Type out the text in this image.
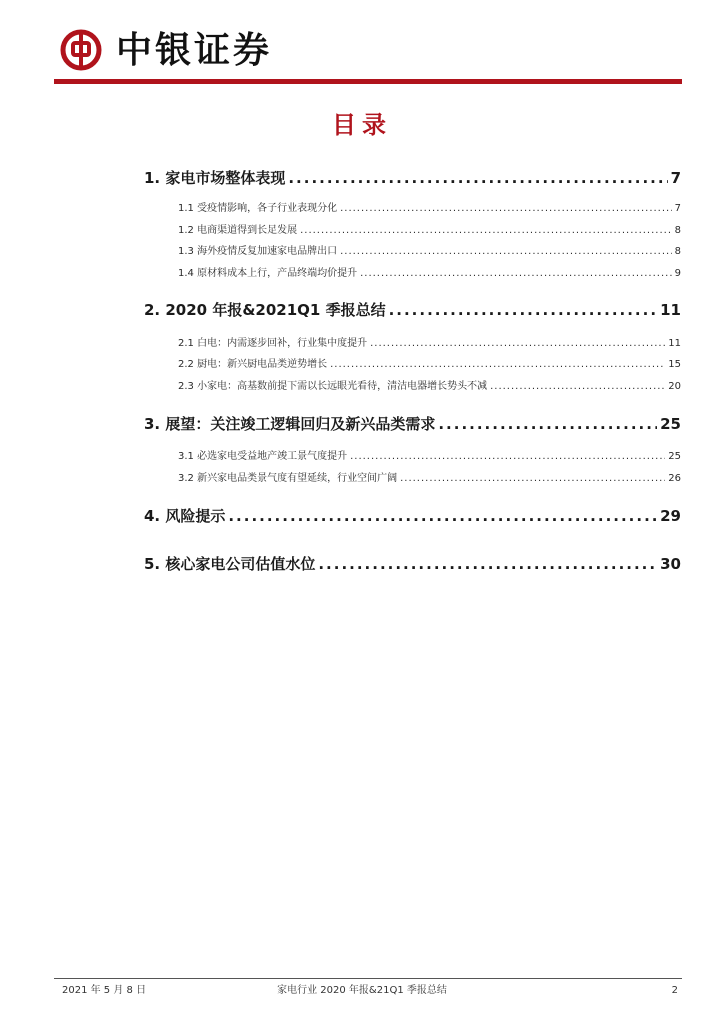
中银证券
目录
1. 家电市场整体表现 .....	7
1.1 受疫情影响，各子行业表现分化 .....	7
1.2 电商渠道得到长足发展 .....	8
1.3 海外疫情反复加速家电品牌出口 .....	8
1.4 原材料成本上行，产品终端均价提升 .....	9
2. 2020 年报&2021Q1 季报总结 .....	11
2.1 白电：内需逐步回补，行业集中度提升 .....	11
2.2 厨电：新兴厨电品类逆势增长 .....	15
2.3 小家电：高基数前提下需以长远眼光看待，清洁电器增长势头不减 .....	20
3. 展望：关注竣工逻辑回归及新兴品类需求 .....	25
3.1 必选家电受益地产竣工景气度提升 .....	25
3.2 新兴家电品类景气度有望延续，行业空间广阔 .....	26
4. 风险提示 .....	29
5. 核心家电公司估值水位 .....	30
家电行业 2020 年报&21Q1 季报总结
2021 年 5 月 8 日	2
